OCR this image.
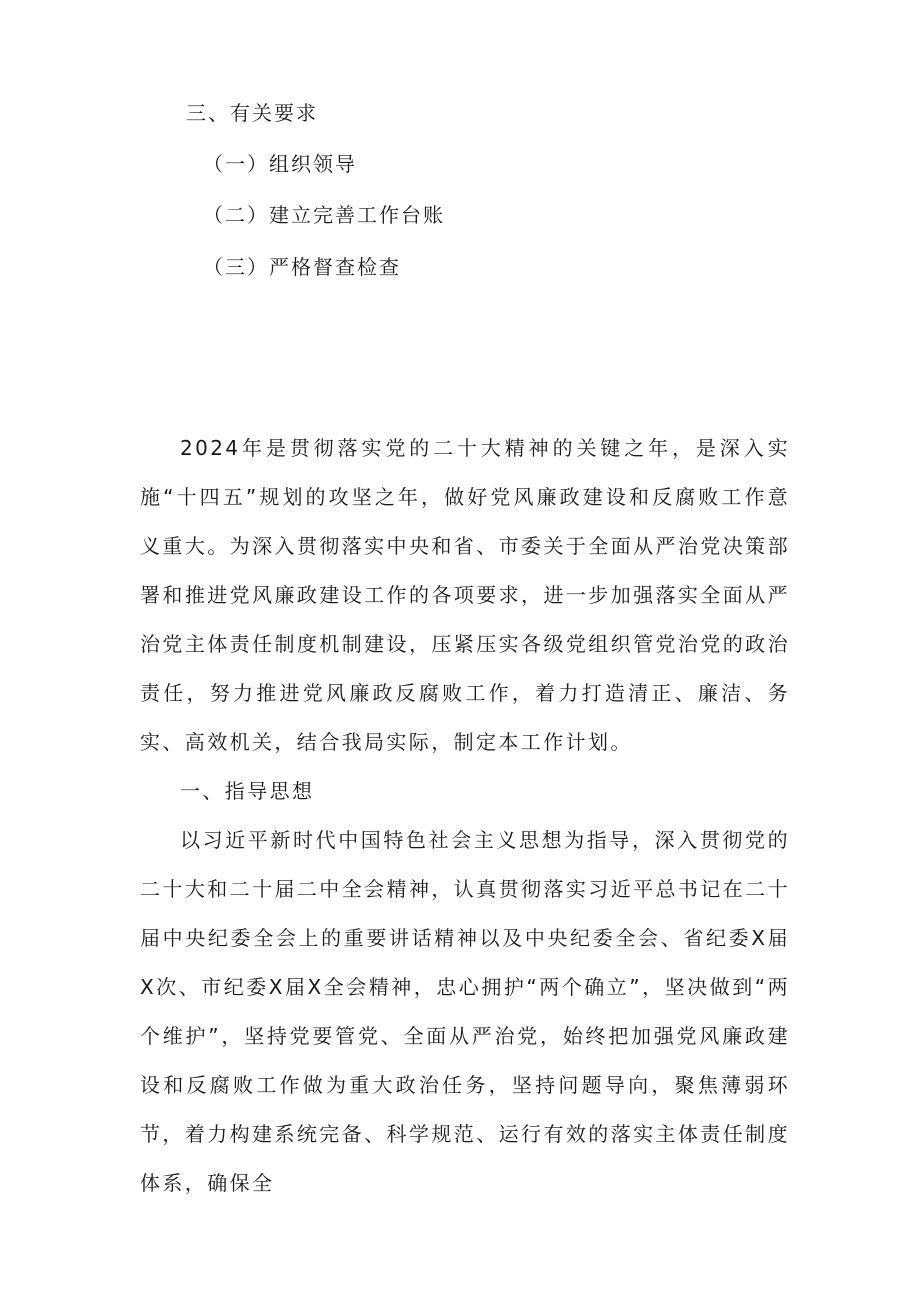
三、有关要求
（一）组织领导
（二）建立完善工作台账
（三）严格督查检查

2024年是贯彻落实党的二十大精神的关键之年，是深入实施“十四五”规划的攻坚之年，做好党风廉政建设和反腐败工作意义重大。为深入贯彻落实中央和省、市委关于全面从严治党决策部署和推进党风廉政建设工作的各项要求，进一步加强落实全面从严治党主体责任制度机制建设，压紧压实各级党组织管党治党的政治责任，努力推进党风廉政反腐败工作，着力打造清正、廉洁、务实、高效机关，结合我局实际，制定本工作计划。

一、指导思想

以习近平新时代中国特色社会主义思想为指导，深入贯彻党的二十大和二十届二中全会精神，认真贯彻落实习近平总书记在二十届中央纪委全会上的重要讲话精神以及中央纪委全会、省纪委X届X次、市纪委X届X全会精神，忠心拥护“两个确立”，坚决做到“两个维护”，坚持党要管党、全面从严治党，始终把加强党风廉政建设和反腐败工作做为重大政治任务，坚持问题导向，聚焦薄弱环节，着力构建系统完备、科学规范、运行有效的落实主体责任制度体系，确保全
